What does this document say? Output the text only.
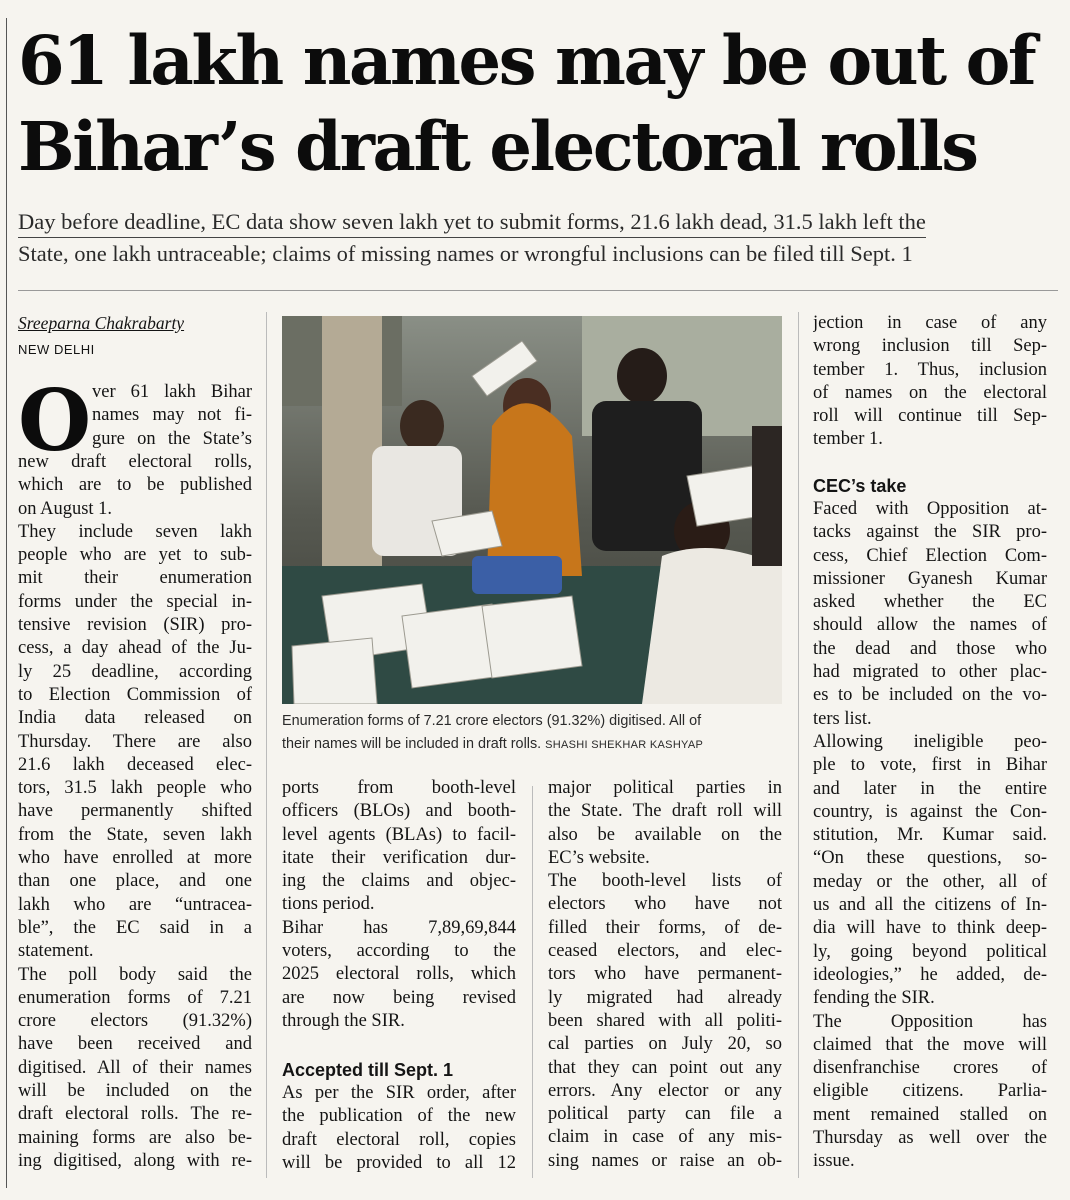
61 lakh names may be out of
Bihar’s draft electoral rolls
Day before deadline, EC data show seven lakh yet to submit forms, 21.6 lakh dead, 31.5 lakh left the
State, one lakh untraceable; claims of missing names or wrongful inclusions can be filed till Sept. 1
Sreeparna Chakrabarty
NEW DELHI
O ver 61 lakh Bihar
names may not fi-
gure on the State’s
new draft electoral rolls,
which are to be published
on August 1.
They include seven lakh
people who are yet to sub-
mit their enumeration
forms under the special in-
tensive revision (SIR) pro-
cess, a day ahead of the Ju-
ly 25 deadline, according
to Election Commission of
India data released on
Thursday. There are also
21.6 lakh deceased elec-
tors, 31.5 lakh people who
have permanently shifted
from the State, seven lakh
who have enrolled at more
than one place, and one
lakh who are “untracea-
ble”, the EC said in a
statement.
The poll body said the
enumeration forms of 7.21
crore electors (91.32%)
have been received and
digitised. All of their names
will be included on the
draft electoral rolls. The re-
maining forms are also be-
ing digitised, along with re-
Enumeration forms of 7.21 crore electors (91.32%) digitised. All of
their names will be included in draft rolls. SHASHI SHEKHAR KASHYAP
ports from booth-level
officers (BLOs) and booth-
level agents (BLAs) to facil-
itate their verification dur-
ing the claims and objec-
tions period.
Bihar has 7,89,69,844
voters, according to the
2025 electoral rolls, which
are now being revised
through the SIR.
Accepted till Sept. 1
As per the SIR order, after
the publication of the new
draft electoral roll, copies
will be provided to all 12
major political parties in
the State. The draft roll will
also be available on the
EC’s website.
The booth-level lists of
electors who have not
filled their forms, of de-
ceased electors, and elec-
tors who have permanent-
ly migrated had already
been shared with all politi-
cal parties on July 20, so
that they can point out any
errors. Any elector or any
political party can file a
claim in case of any mis-
sing names or raise an ob-
jection in case of any
wrong inclusion till Sep-
tember 1. Thus, inclusion
of names on the electoral
roll will continue till Sep-
tember 1.
CEC’s take
Faced with Opposition at-
tacks against the SIR pro-
cess, Chief Election Com-
missioner Gyanesh Kumar
asked whether the EC
should allow the names of
the dead and those who
had migrated to other plac-
es to be included on the vo-
ters list.
Allowing ineligible peo-
ple to vote, first in Bihar
and later in the entire
country, is against the Con-
stitution, Mr. Kumar said.
“On these questions, so-
meday or the other, all of
us and all the citizens of In-
dia will have to think deep-
ly, going beyond political
ideologies,” he added, de-
fending the SIR.
The Opposition has
claimed that the move will
disenfranchise crores of
eligible citizens. Parlia-
ment remained stalled on
Thursday as well over the
issue.
